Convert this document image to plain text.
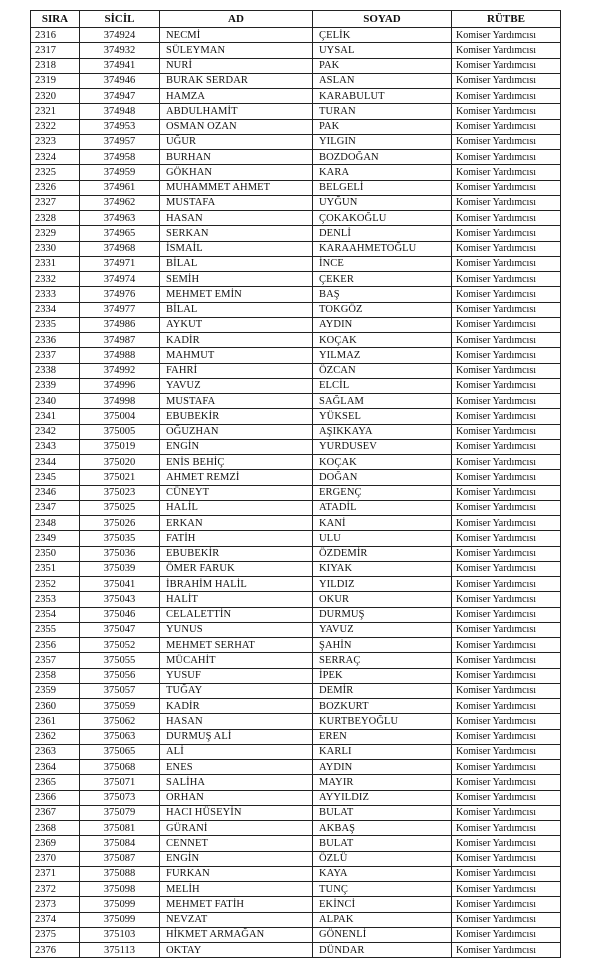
SIRA	SİCİL	AD	SOYAD	RÜTBE
2316	374924	NECMİ	ÇELİK	Komiser Yardımcısı
2317	374932	SÜLEYMAN	UYSAL	Komiser Yardımcısı
2318	374941	NURİ	PAK	Komiser Yardımcısı
2319	374946	BURAK SERDAR	ASLAN	Komiser Yardımcısı
2320	374947	HAMZA	KARABULUT	Komiser Yardımcısı
2321	374948	ABDULHAMİT	TURAN	Komiser Yardımcısı
2322	374953	OSMAN OZAN	PAK	Komiser Yardımcısı
2323	374957	UĞUR	YILGIN	Komiser Yardımcısı
2324	374958	BURHAN	BOZDOĞAN	Komiser Yardımcısı
2325	374959	GÖKHAN	KARA	Komiser Yardımcısı
2326	374961	MUHAMMET AHMET	BELGELİ	Komiser Yardımcısı
2327	374962	MUSTAFA	UYĞUN	Komiser Yardımcısı
2328	374963	HASAN	ÇOKAKOĞLU	Komiser Yardımcısı
2329	374965	SERKAN	DENLİ	Komiser Yardımcısı
2330	374968	İSMAİL	KARAAHMETOĞLU	Komiser Yardımcısı
2331	374971	BİLAL	İNCE	Komiser Yardımcısı
2332	374974	SEMİH	ÇEKER	Komiser Yardımcısı
2333	374976	MEHMET EMİN	BAŞ	Komiser Yardımcısı
2334	374977	BİLAL	TOKGÖZ	Komiser Yardımcısı
2335	374986	AYKUT	AYDIN	Komiser Yardımcısı
2336	374987	KADİR	KOÇAK	Komiser Yardımcısı
2337	374988	MAHMUT	YILMAZ	Komiser Yardımcısı
2338	374992	FAHRİ	ÖZCAN	Komiser Yardımcısı
2339	374996	YAVUZ	ELCİL	Komiser Yardımcısı
2340	374998	MUSTAFA	SAĞLAM	Komiser Yardımcısı
2341	375004	EBUBEKİR	YÜKSEL	Komiser Yardımcısı
2342	375005	OĞUZHAN	AŞIKKAYA	Komiser Yardımcısı
2343	375019	ENGİN	YURDUSEV	Komiser Yardımcısı
2344	375020	ENİS BEHİÇ	KOÇAK	Komiser Yardımcısı
2345	375021	AHMET REMZİ	DOĞAN	Komiser Yardımcısı
2346	375023	CÜNEYT	ERGENÇ	Komiser Yardımcısı
2347	375025	HALİL	ATADİL	Komiser Yardımcısı
2348	375026	ERKAN	KANİ	Komiser Yardımcısı
2349	375035	FATİH	ULU	Komiser Yardımcısı
2350	375036	EBUBEKİR	ÖZDEMİR	Komiser Yardımcısı
2351	375039	ÖMER FARUK	KIYAK	Komiser Yardımcısı
2352	375041	İBRAHİM HALİL	YILDIZ	Komiser Yardımcısı
2353	375043	HALİT	OKUR	Komiser Yardımcısı
2354	375046	CELALETTİN	DURMUŞ	Komiser Yardımcısı
2355	375047	YUNUS	YAVUZ	Komiser Yardımcısı
2356	375052	MEHMET SERHAT	ŞAHİN	Komiser Yardımcısı
2357	375055	MÜCAHİT	SERRAÇ	Komiser Yardımcısı
2358	375056	YUSUF	İPEK	Komiser Yardımcısı
2359	375057	TUĞAY	DEMİR	Komiser Yardımcısı
2360	375059	KADİR	BOZKURT	Komiser Yardımcısı
2361	375062	HASAN	KURTBEYOĞLU	Komiser Yardımcısı
2362	375063	DURMUŞ ALİ	EREN	Komiser Yardımcısı
2363	375065	ALİ	KARLI	Komiser Yardımcısı
2364	375068	ENES	AYDIN	Komiser Yardımcısı
2365	375071	SALİHA	MAYIR	Komiser Yardımcısı
2366	375073	ORHAN	AYYILDIZ	Komiser Yardımcısı
2367	375079	HACI HÜSEYİN	BULAT	Komiser Yardımcısı
2368	375081	GÜRANİ	AKBAŞ	Komiser Yardımcısı
2369	375084	CENNET	BULAT	Komiser Yardımcısı
2370	375087	ENGİN	ÖZLÜ	Komiser Yardımcısı
2371	375088	FURKAN	KAYA	Komiser Yardımcısı
2372	375098	MELİH	TUNÇ	Komiser Yardımcısı
2373	375099	MEHMET FATİH	EKİNCİ	Komiser Yardımcısı
2374	375099	NEVZAT	ALPAK	Komiser Yardımcısı
2375	375103	HİKMET ARMAĞAN	GÖNENLİ	Komiser Yardımcısı
2376	375113	OKTAY	DÜNDAR	Komiser Yardımcısı
